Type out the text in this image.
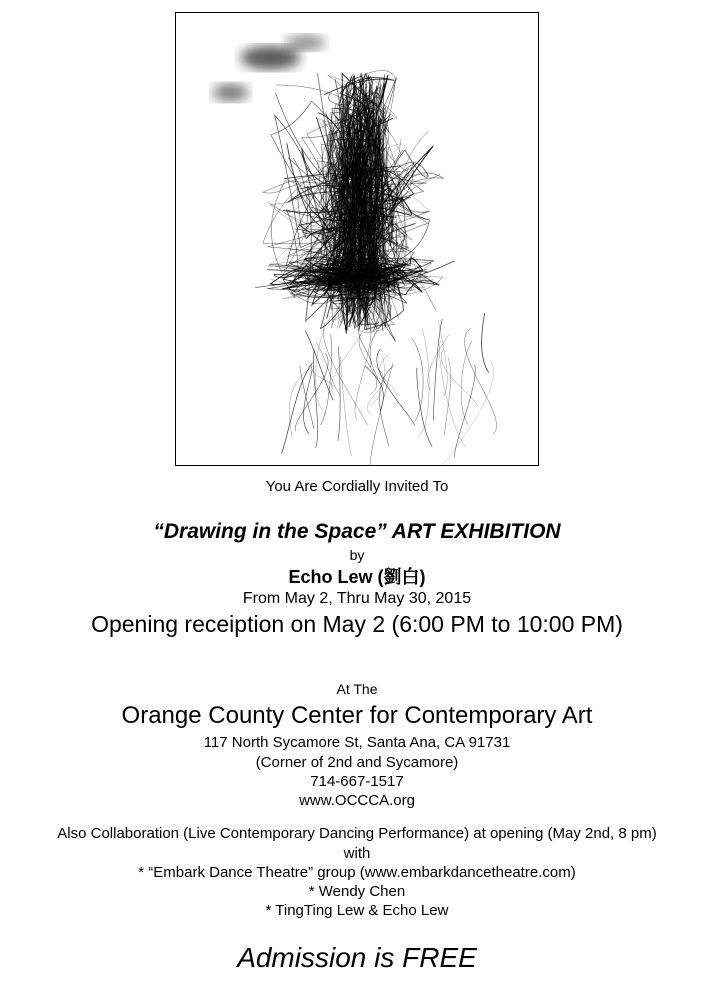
You Are Cordially Invited To
“Drawing in the Space” ART EXHIBITION
by
Echo Lew (劉白)
From May 2, Thru May 30, 2015
Opening receiption on May 2 (6:00 PM to 10:00 PM)
At The
Orange County Center for Contemporary Art
117 North Sycamore St, Santa Ana, CA 91731
(Corner of 2nd and Sycamore)
714-667-1517
www.OCCCA.org
Also Collaboration (Live Contemporary Dancing Performance) at opening (May 2nd, 8 pm)
with
* “Embark Dance Theatre” group (www.embarkdancetheatre.com)
* Wendy Chen
* TingTing Lew & Echo Lew
Admission is FREE
